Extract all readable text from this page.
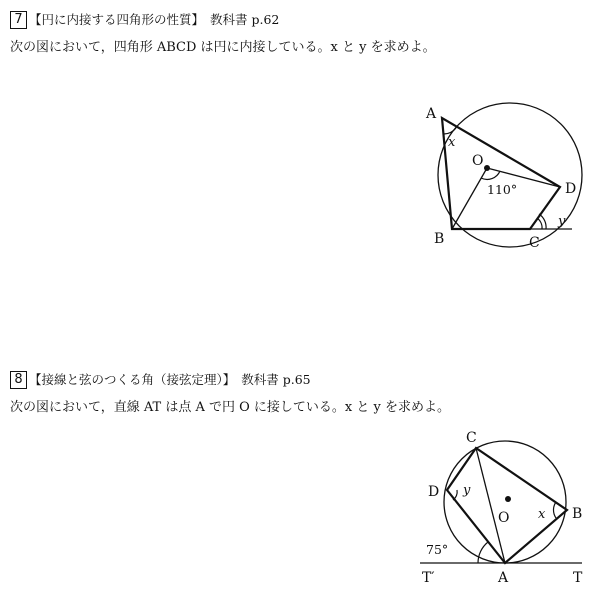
7 【円に内接する四角形の性質】 教科書 p.62
次の図において，四角形 ABCD は円に内接している。x と y を求めよ。
A
B	C
D
O
x
y
110°
8 【接線と弦のつくる角（接弦定理）】 教科書 p.65
次の図において，直線 AT は点 A で円 O に接している。x と y を求めよ。
C
D
B
A
O
T
T′
y
x
75°
